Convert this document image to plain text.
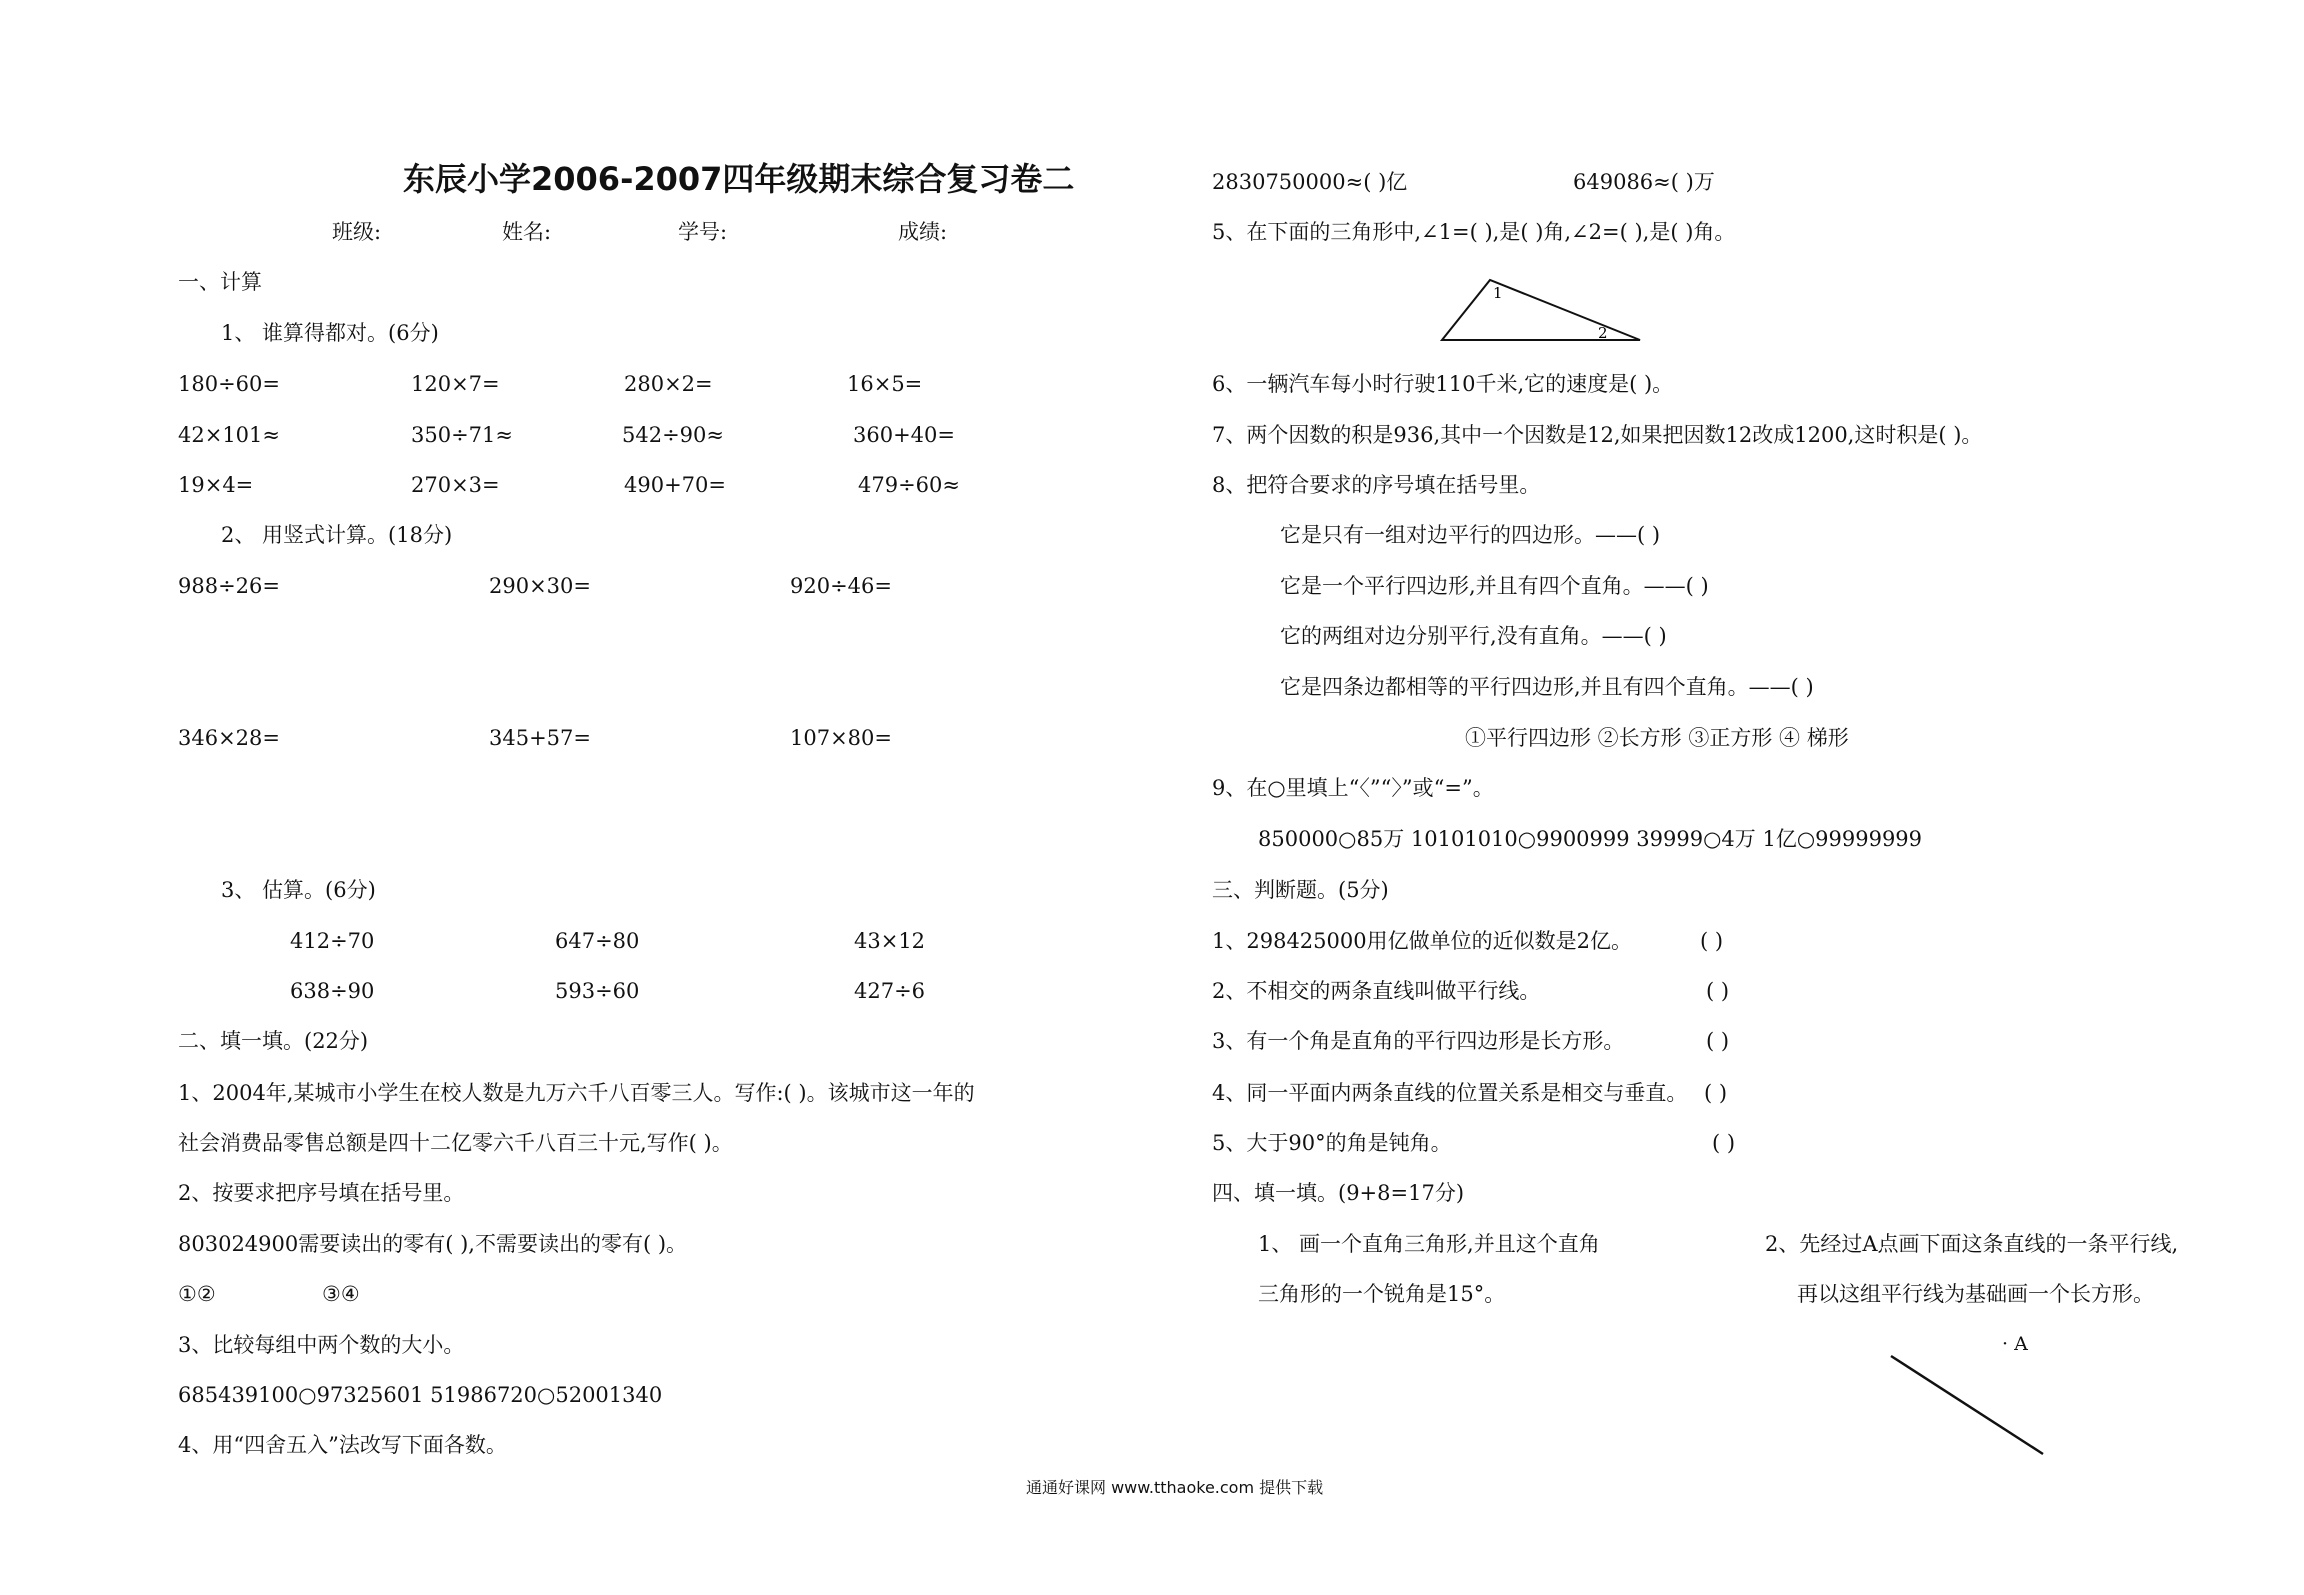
东辰小学2006-2007四年级期末综合复习卷二
班级:	姓名:	学号:	成绩:
一、计算
1、 谁算得都对。(6分)
180÷60=	120×7=	280×2=	16×5=
42×101≈	350÷71≈	542÷90≈	360+40=
19×4=	270×3=	490+70=	479÷60≈
2、 用竖式计算。(18分)
988÷26=	290×30=	920÷46=
346×28=	345+57=	107×80=
3、 估算。(6分)
412÷70	647÷80	43×12
638÷90	593÷60	427÷6
二、填一填。(22分)
1、2004年,某城市小学生在校人数是九万六千八百零三人。写作:( )。该城市这一年的
社会消费品零售总额是四十二亿零六千八百三十元,写作( )。
2、按要求把序号填在括号里。
803024900需要读出的零有( ),不需要读出的零有( )。
①②	③④
3、比较每组中两个数的大小。
685439100○97325601 51986720○52001340
4、用“四舍五入”法改写下面各数。
2830750000≈( )亿	649086≈( )万
5、在下面的三角形中,∠1=( ),是( )角,∠2=( ),是( )角。
1
2
6、一辆汽车每小时行驶110千米,它的速度是( )。
7、两个因数的积是936,其中一个因数是12,如果把因数12改成1200,这时积是( )。
8、把符合要求的序号填在括号里。
它是只有一组对边平行的四边形。——( )
它是一个平行四边形,并且有四个直角。——( )
它的两组对边分别平行,没有直角。——( )
它是四条边都相等的平行四边形,并且有四个直角。——( )
①平行四边形 ②长方形 ③正方形 ④ 梯形
9、在○里填上“〈”“〉”或“=”。
850000○85万 10101010○9900999 39999○4万 1亿○99999999
三、判断题。(5分)
1、298425000用亿做单位的近似数是2亿。	( )
2、不相交的两条直线叫做平行线。	( )
3、有一个角是直角的平行四边形是长方形。	( )
4、同一平面内两条直线的位置关系是相交与垂直。 ( )
5、大于90°的角是钝角。	( )
四、填一填。(9+8=17分)
1、 画一个直角三角形,并且这个直角
三角形的一个锐角是15°。
2、先经过A点画下面这条直线的一条平行线,
再以这组平行线为基础画一个长方形。
· A
通通好课网 www.tthaoke.com 提供下载
